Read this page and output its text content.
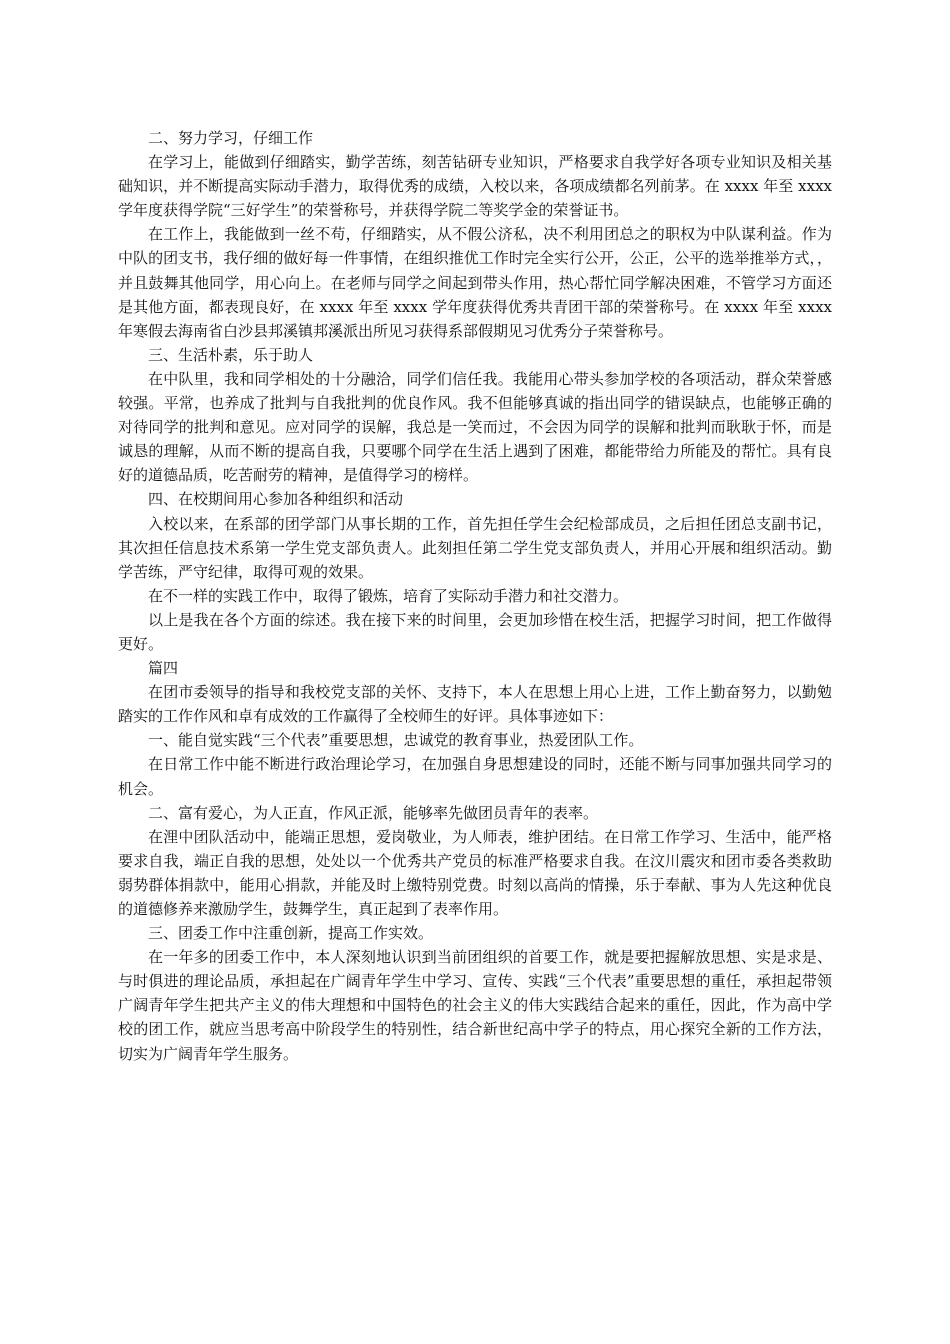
二、努力学习，仔细工作

在学习上，能做到仔细踏实，勤学苦练，刻苦钻研专业知识，严格要求自我学好各项专业知识及相关基础知识，并不断提高实际动手潜力，取得优秀的成绩，入校以来，各项成绩都名列前茅。在 xxxx 年至 xxxx 学年度获得学院“三好学生”的荣誉称号，并获得学院二等奖学金的荣誉证书。

在工作上，我能做到一丝不苟，仔细踏实，从不假公济私，决不利用团总之的职权为中队谋利益。作为中队的团支书，我仔细的做好每一件事情，在组织推优工作时完全实行公开，公正，公平的选举推举方式，，并且鼓舞其他同学，用心向上。在老师与同学之间起到带头作用，热心帮忙同学解决困难，不管学习方面还是其他方面，都表现良好，在 xxxx 年至 xxxx 学年度获得优秀共青团干部的荣誉称号。在 xxxx 年至 xxxx 年寒假去海南省白沙县邦溪镇邦溪派出所见习获得系部假期见习优秀分子荣誉称号。

三、生活朴素，乐于助人

在中队里，我和同学相处的十分融洽，同学们信任我。我能用心带头参加学校的各项活动，群众荣誉感较强。平常，也养成了批判与自我批判的优良作风。我不但能够真诚的指出同学的错误缺点，也能够正确的对待同学的批判和意见。应对同学的误解，我总是一笑而过，不会因为同学的误解和批判而耿耿于怀，而是诚恳的理解，从而不断的提高自我，只要哪个同学在生活上遇到了困难，都能带给力所能及的帮忙。具有良好的道德品质，吃苦耐劳的精神，是值得学习的榜样。

四、在校期间用心参加各种组织和活动

入校以来，在系部的团学部门从事长期的工作，首先担任学生会纪检部成员，之后担任团总支副书记，其次担任信息技术系第一学生党支部负责人。此刻担任第二学生党支部负责人，并用心开展和组织活动。勤学苦练，严守纪律，取得可观的效果。

在不一样的实践工作中，取得了锻炼，培育了实际动手潜力和社交潜力。

以上是我在各个方面的综述。我在接下来的时间里，会更加珍惜在校生活，把握学习时间，把工作做得更好。

篇四

在团市委领导的指导和我校党支部的关怀、支持下，本人在思想上用心上进，工作上勤奋努力，以勤勉踏实的工作作风和卓有成效的工作赢得了全校师生的好评。具体事迹如下：

一、能自觉实践“三个代表”重要思想，忠诚党的教育事业，热爱团队工作。

在日常工作中能不断进行政治理论学习，在加强自身思想建设的同时，还能不断与同事加强共同学习的机会。

二、富有爱心，为人正直，作风正派，能够率先做团员青年的表率。

在浬中团队活动中，能端正思想，爱岗敬业，为人师表，维护团结。在日常工作学习、生活中，能严格要求自我，端正自我的思想，处处以一个优秀共产党员的标准严格要求自我。在汶川震灾和团市委各类救助弱势群体捐款中，能用心捐款，并能及时上缴特别党费。时刻以高尚的情操，乐于奉献、事为人先这种优良的道德修养来激励学生，鼓舞学生，真正起到了表率作用。

三、团委工作中注重创新，提高工作实效。

在一年多的团委工作中，本人深刻地认识到当前团组织的首要工作，就是要把握解放思想、实是求是、与时俱进的理论品质，承担起在广阔青年学生中学习、宣传、实践“三个代表”重要思想的重任，承担起带领广阔青年学生把共产主义的伟大理想和中国特色的社会主义的伟大实践结合起来的重任，因此，作为高中学校的团工作，就应当思考高中阶段学生的特别性，结合新世纪高中学子的特点，用心探究全新的工作方法，切实为广阔青年学生服务。
